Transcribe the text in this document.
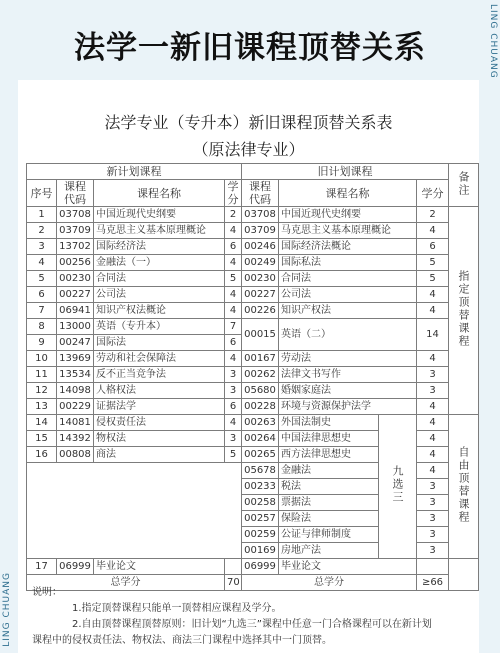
法学一新旧课程顶替关系	LING CHUANG
LING CHUANG
法学专业（专升本）新旧课程顶替关系表
（原法律专业）
新计划课程				旧计划课程				备注
序号	课程代码	课程名称	学分	课程代码	课程名称		学分	
1	03708	中国近现代史纲要	2	03708	中国近现代史纲要		2	指定顶替课程
2	03709	马克思主义基本原理概论	4	03709	马克思主义基本原理概论		4	
3	13702	国际经济法	6	00246	国际经济法概论		6	
4	00256	金融法（一）	4	00249	国际私法		5	
5	00230	合同法	5	00230	合同法		5	
6	00227	公司法	4	00227	公司法		4	
7	06941	知识产权法概论	4	00226	知识产权法		4	
8	13000	英语（专升本）	7	00015	英语（二）		14	
9	00247	国际法	6					
10	13969	劳动和社会保障法	4	00167	劳动法		4	
11	13534	反不正当竞争法	3	00262	法律文书写作		3	
12	14098	人格权法	3	05680	婚姻家庭法		3	
13	00229	证据法学	6	00228	环境与资源保护法学		4	
14	14081	侵权责任法	4	00263	外国法制史	九选三	4	自由顶替课程
15	14392	物权法	3	00264	中国法律思想史		4	
16	00808	商法	5	00265	西方法律思想史		4	
				05678	金融法		4	
				00233	税法		3	
				00258	票据法		3	
				00257	保险法		3	
				00259	公证与律师制度		3	
				00169	房地产法		3	
17	06999	毕业论文		06999	毕业论文			
总学分			70	总学分			≥66	
说明：
1.指定顶替课程只能单一顶替相应课程及学分。
2.自由顶替课程顶替原则：旧计划“九选三”课程中任意一门合格课程可以在新计划
课程中的侵权责任法、物权法、商法三门课程中选择其中一门顶替。
